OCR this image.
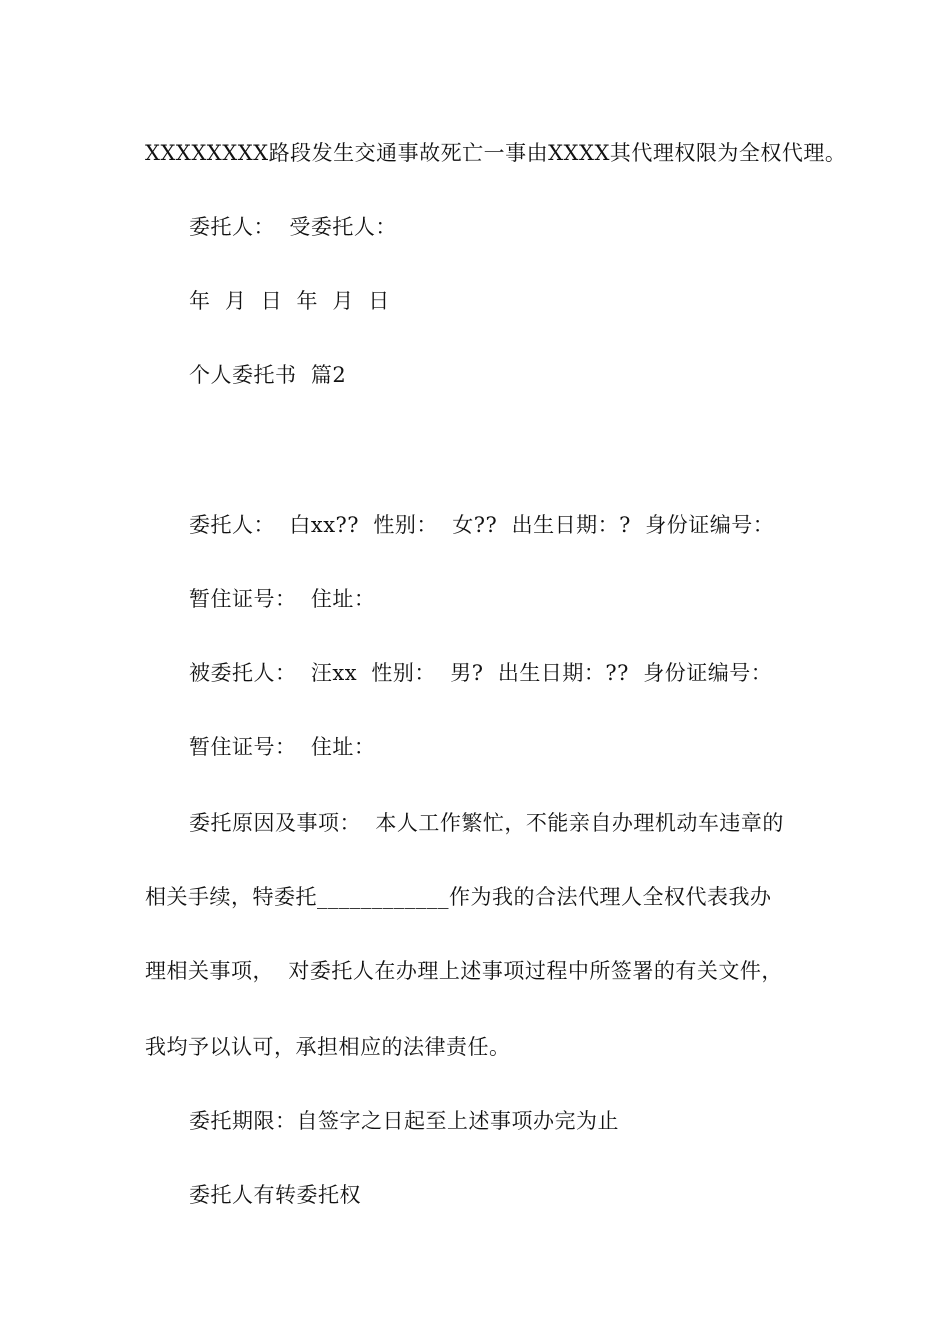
XXXXXXXX路段发生交通事故死亡一事由XXXX其代理权限为全权代理。
委托人：  受委托人：
年  月  日  年  月  日
个人委托书  篇2
委托人：  白xx??  性别：  女??  出生日期：?  身份证编号：
暂住证号：  住址：
被委托人：  汪xx  性别：  男?  出生日期：??  身份证编号：
暂住证号：  住址：
委托原因及事项：  本人工作繁忙，不能亲自办理机动车违章的
相关手续，特委托____________作为我的合法代理人全权代表我办
理相关事项，  对委托人在办理上述事项过程中所签署的有关文件，
我均予以认可，承担相应的法律责任。
委托期限：自签字之日起至上述事项办完为止
委托人有转委托权
